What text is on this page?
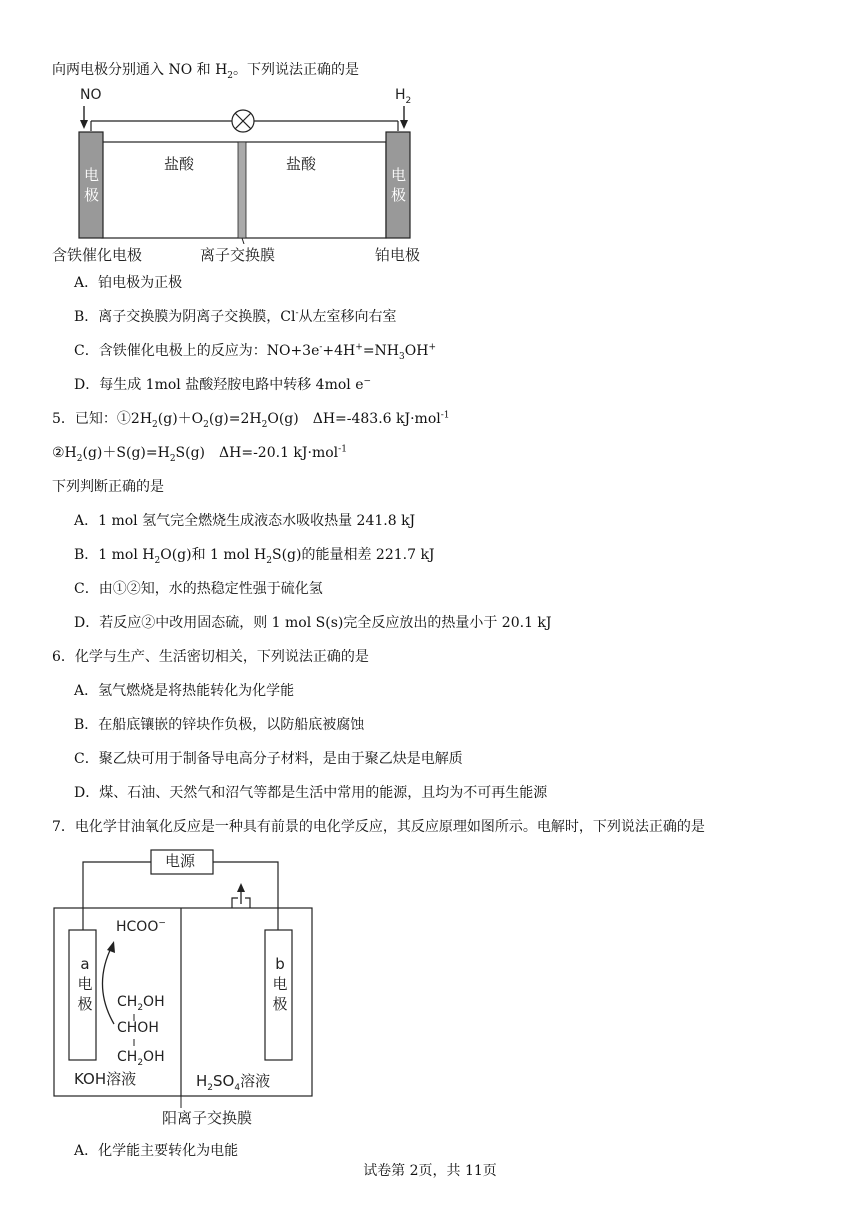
向两电极分别通入 NO 和 $H_2$。下列说法正确的是
NO	$H_2$
电
极
电
极
盐酸	盐酸
含铁催化电极	离子交换膜	铂电极
A．铂电极为正极
B．离子交换膜为阴离子交换膜，Cl-从左室移向右室
C．含铁催化电极上的反应为：$NO+3e^-+4H^+=NH_3OH^+$
D．每生成 1mol 盐酸羟胺电路中转移 4mol e−
5．已知：$①2H_2(g)+O_2(g)=2H_2O(g)$　ΔH=-483.6 kJ·mol$^{-1}$
$②H_2(g)+S(g)=H_2S(g)$　ΔH=-20.1 kJ·mol$^{-1}$
下列判断正确的是
A．1 mol 氢气完全燃烧生成液态水吸收热量 241.8 kJ
B．1 mol $H_2O(g)$和 1 mol $H_2S(g)$的能量相差 221.7 kJ
C．由①②知，水的热稳定性强于硫化氢
D．若反应②中改用固态硫，则 1 mol S(s)完全反应放出的热量小于 20.1 kJ
6．化学与生产、生活密切相关，下列说法正确的是
A．氢气燃烧是将热能转化为化学能
B．在船底镶嵌的锌块作负极，以防船底被腐蚀
C．聚乙炔可用于制备导电高分子材料，是由于聚乙炔是电解质
D．煤、石油、天然气和沼气等都是生活中常用的能源，且均为不可再生能源
7．电化学甘油氧化反应是一种具有前景的电化学反应，其反应原理如图所示。电解时，下列说法正确的是
电源
a
电
极
b
电
极
HCOO−
$CH_2OH$
CHOH
$CH_2OH$
KOH溶液	$H_2SO_4$溶液
阳离子交换膜
A．化学能主要转化为电能
试卷第 2页，共 11页
